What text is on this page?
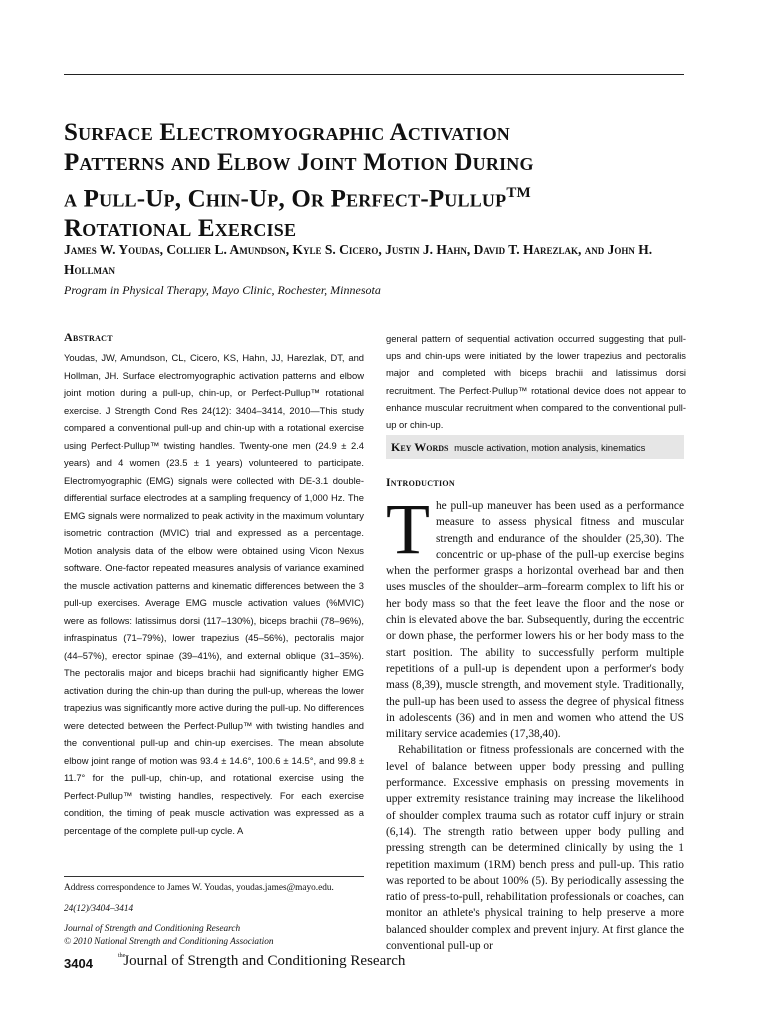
Surface Electromyographic Activation
Patterns and Elbow Joint Motion During
a Pull-Up, Chin-Up, Or Perfect-Pullup™
Rotational Exercise
James W. Youdas, Collier L. Amundson, Kyle S. Cicero, Justin J. Hahn, David T. Harezlak, and John H. Hollman
Program in Physical Therapy, Mayo Clinic, Rochester, Minnesota
Abstract
Youdas, JW, Amundson, CL, Cicero, KS, Hahn, JJ, Harezlak, DT, and Hollman, JH. Surface electromyographic activation patterns and elbow joint motion during a pull-up, chin-up, or Perfect-Pullup™ rotational exercise. J Strength Cond Res 24(12): 3404–3414, 2010—This study compared a conventional pull-up and chin-up with a rotational exercise using Perfect·Pullup™ twisting handles. Twenty-one men (24.9 ± 2.4 years) and 4 women (23.5 ± 1 years) volunteered to participate. Electromyographic (EMG) signals were collected with DE-3.1 double-differential surface electrodes at a sampling frequency of 1,000 Hz. The EMG signals were normalized to peak activity in the maximum voluntary isometric contraction (MVIC) trial and expressed as a percentage. Motion analysis data of the elbow were obtained using Vicon Nexus software. One-factor repeated measures analysis of variance examined the muscle activation patterns and kinematic differences between the 3 pull-up exercises. Average EMG muscle activation values (%MVIC) were as follows: latissimus dorsi (117–130%), biceps brachii (78–96%), infraspinatus (71–79%), lower trapezius (45–56%), pectoralis major (44–57%), erector spinae (39–41%), and external oblique (31–35%). The pectoralis major and biceps brachii had significantly higher EMG activation during the chin-up than during the pull-up, whereas the lower trapezius was significantly more active during the pull-up. No differences were detected between the Perfect·Pullup™ with twisting handles and the conventional pull-up and chin-up exercises. The mean absolute elbow joint range of motion was 93.4 ± 14.6°, 100.6 ± 14.5°, and 99.8 ± 11.7° for the pull-up, chin-up, and rotational exercise using the Perfect·Pullup™ twisting handles, respectively. For each exercise condition, the timing of peak muscle activation was expressed as a percentage of the complete pull-up cycle. A
general pattern of sequential activation occurred suggesting that pull-ups and chin-ups were initiated by the lower trapezius and pectoralis major and completed with biceps brachii and latissimus dorsi recruitment. The Perfect·Pullup™ rotational device does not appear to enhance muscular recruitment when compared to the conventional pull-up or chin-up.
Key Words muscle activation, motion analysis, kinematics
Introduction
T he pull-up maneuver has been used as a performance measure to assess physical fitness and muscular strength and endurance of the shoulder (25,30). The concentric or up-phase of the pull-up exercise begins when the performer grasps a horizontal overhead bar and then uses muscles of the shoulder–arm–forearm complex to lift his or her body mass so that the feet leave the floor and the nose or chin is elevated above the bar. Subsequently, during the eccentric or down phase, the performer lowers his or her body mass to the start position. The ability to successfully perform multiple repetitions of a pull-up is dependent upon a performer's body mass (8,39), muscle strength, and movement style. Traditionally, the pull-up has been used to assess the degree of physical fitness in adolescents (36) and in men and women who attend the US military service academies (17,38,40).
Rehabilitation or fitness professionals are concerned with the level of balance between upper body pressing and pulling performance. Excessive emphasis on pressing movements in upper extremity resistance training may increase the likelihood of shoulder complex trauma such as rotator cuff injury or strain (6,14). The strength ratio between upper body pulling and pressing strength can be determined clinically by using the 1 repetition maximum (1RM) bench press and pull-up. This ratio was reported to be about 100% (5). By periodically assessing the ratio of press-to-pull, rehabilitation professionals or coaches, can monitor an athlete's physical training to help preserve a more balanced shoulder complex and prevent injury. At first glance the conventional pull-up or
Address correspondence to James W. Youdas, youdas.james@mayo.edu.
24(12)/3404–3414
Journal of Strength and Conditioning Research
© 2010 National Strength and Conditioning Association
3404	$^{the}$Journal of Strength and Conditioning Research
